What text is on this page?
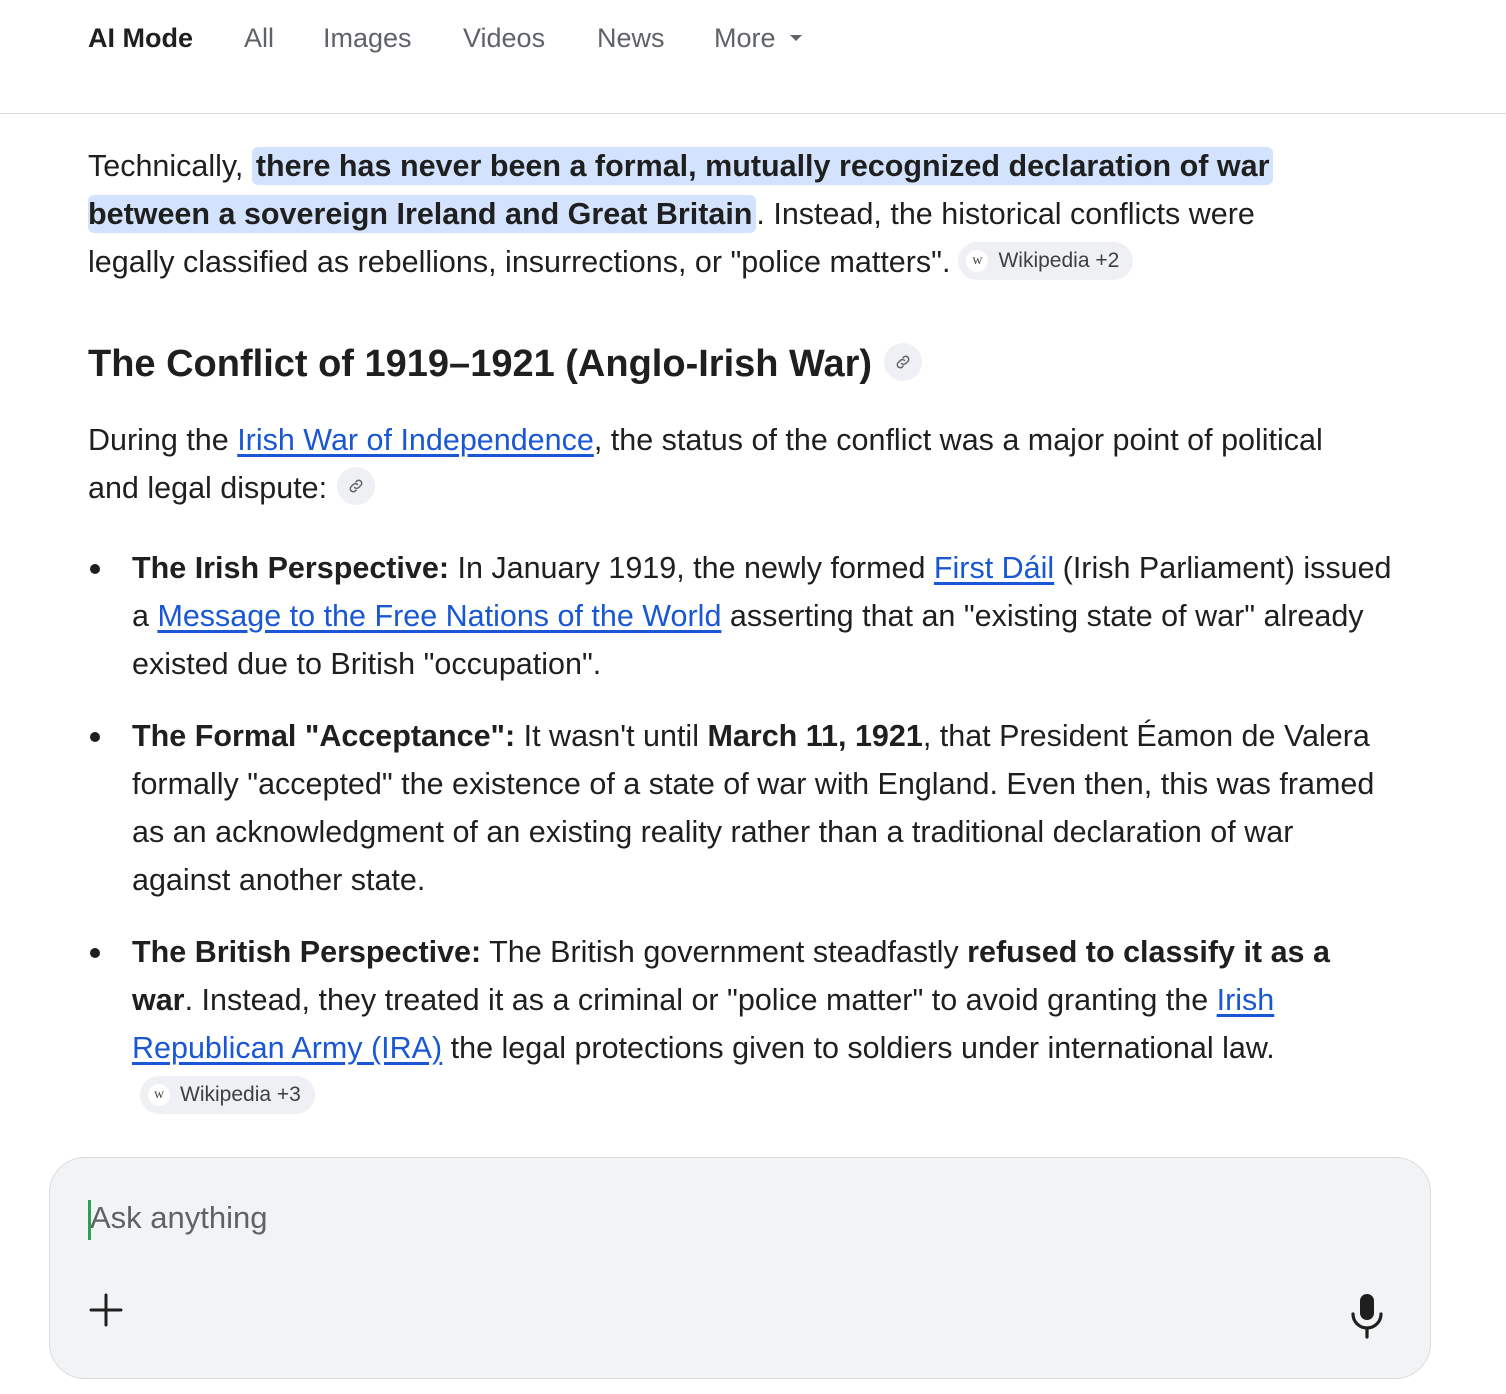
AI Mode All Images Videos News More

Technically, there has never been a formal, mutually recognized declaration of war between a sovereign Ireland and Great Britain . Instead, the historical conflicts were legally classified as rebellions, insurrections, or "police matters".	w Wikipedia +2

The Conflict of 1919–1921 (Anglo-Irish War)

During the Irish War of Independence, the status of the conflict was a major point of political and legal dispute:

The Irish Perspective: In January 1919, the newly formed First Dáil (Irish Parliament) issued a Message to the Free Nations of the World asserting that an "existing state of war" already existed due to British "occupation".
The Formal "Acceptance": It wasn't until March 11, 1921, that President Éamon de Valera formally "accepted" the existence of a state of war with England. Even then, this was framed as an acknowledgment of an existing reality rather than a traditional declaration of war against another state.
The British Perspective: The British government steadfastly refused to classify it as a war. Instead, they treated it as a criminal or "police matter" to avoid granting the Irish Republican Army (IRA) the legal protections given to soldiers under international law.
w Wikipedia +3
Ask anything
